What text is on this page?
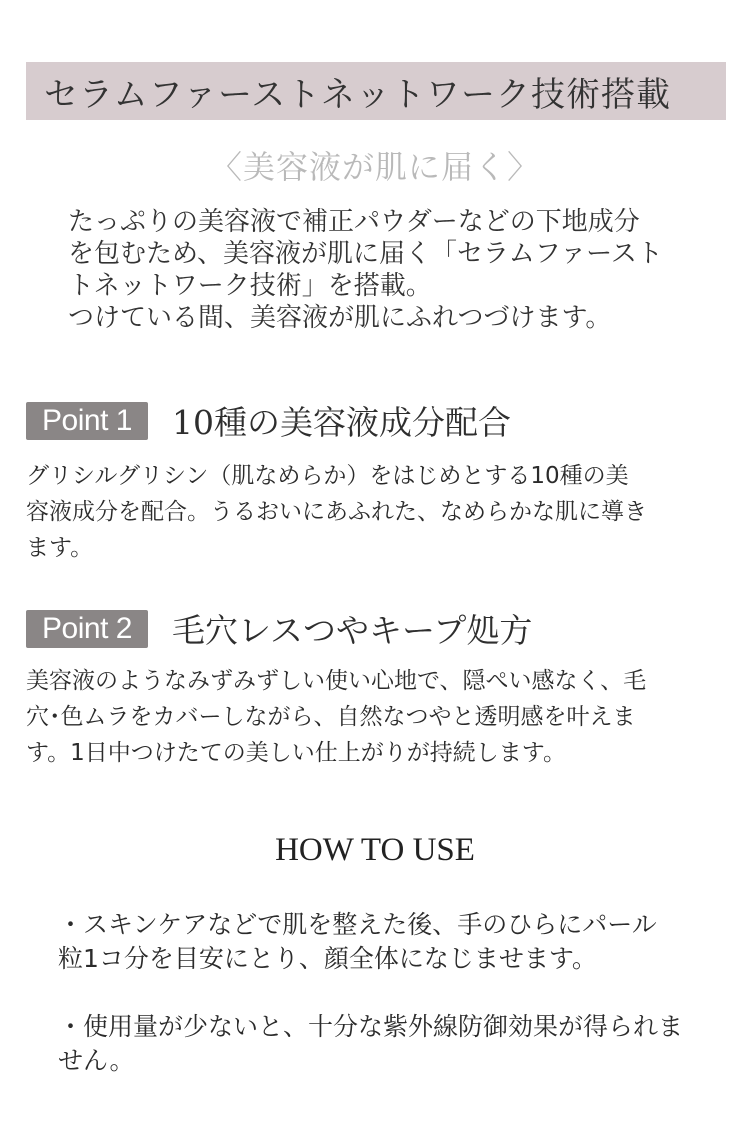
セラムファーストネットワーク技術搭載
〈美容液が肌に届く〉
たっぷりの美容液で補正パウダーなどの下地成分
を包むため、美容液が肌に届く「セラムファースト
トネットワーク技術」を搭載。
つけている間、美容液が肌にふれつづけます。
Point 1	10種の美容液成分配合
グリシルグリシン（肌なめらか）をはじめとする10種の美
容液成分を配合。うるおいにあふれた、なめらかな肌に導き
ます。
Point 2	毛穴レスつやキープ処方
美容液のようなみずみずしい使い心地で、隠ぺい感なく、毛
穴･色ムラをカバーしながら、自然なつやと透明感を叶えま
す。1日中つけたての美しい仕上がりが持続します。
HOW TO USE
・スキンケアなどで肌を整えた後、手のひらにパール
粒1コ分を目安にとり、顔全体になじませます。
・使用量が少ないと、十分な紫外線防御効果が得られま
せん。
